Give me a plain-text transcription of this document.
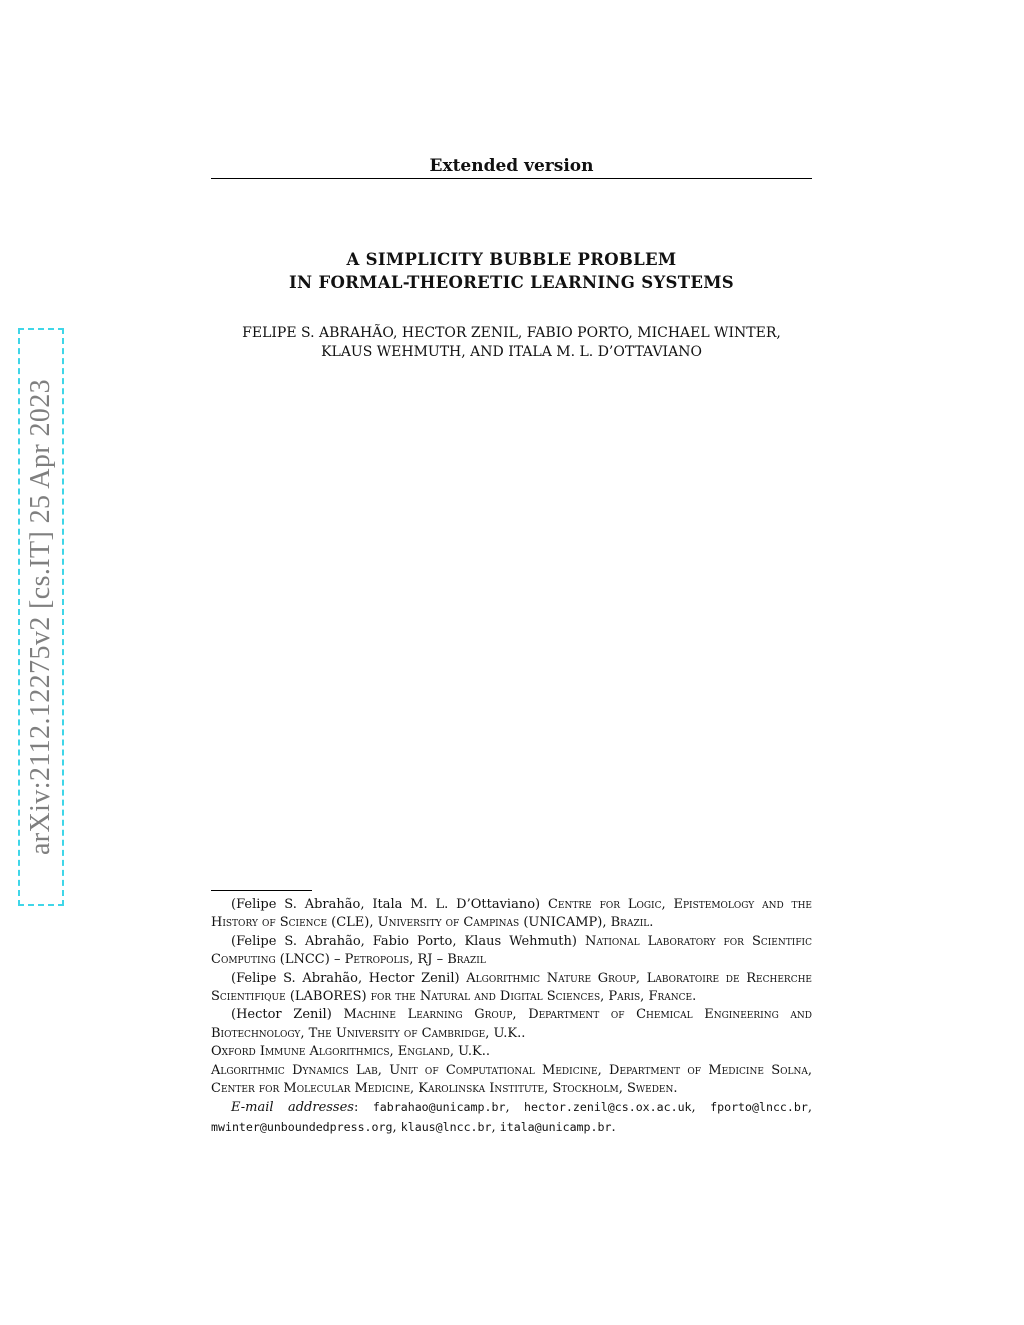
Extended version
A SIMPLICITY BUBBLE PROBLEM
IN FORMAL-THEORETIC LEARNING SYSTEMS
FELIPE S. ABRAHÃO, HECTOR ZENIL, FABIO PORTO, MICHAEL WINTER,
KLAUS WEHMUTH, AND ITALA M. L. D’OTTAVIANO
arXiv:2112.12275v2 [cs.IT] 25 Apr 2023

(Felipe S. Abrahão, Itala M. L. D’Ottaviano) Centre for Logic, Epistemology and the History of Science (CLE), University of Campinas (UNICAMP), Brazil.

(Felipe S. Abrahão, Fabio Porto, Klaus Wehmuth) National Laboratory for Scientific Computing (LNCC) – Petropolis, RJ – Brazil

(Felipe S. Abrahão, Hector Zenil) Algorithmic Nature Group, Laboratoire de Recherche Scientifique (LABORES) for the Natural and Digital Sciences, Paris, France.

(Hector Zenil) Machine Learning Group, Department of Chemical Engineering and Biotechnology, The University of Cambridge, U.K..

Oxford Immune Algorithmics, England, U.K..

Algorithmic Dynamics Lab, Unit of Computational Medicine, Department of Medicine Solna, Center for Molecular Medicine, Karolinska Institute, Stockholm, Sweden.

E-mail addresses: fabrahao@unicamp.br, hector.zenil@cs.ox.ac.uk, fporto@lncc.br, mwinter@unboundedpress.org, klaus@lncc.br, itala@unicamp.br.
